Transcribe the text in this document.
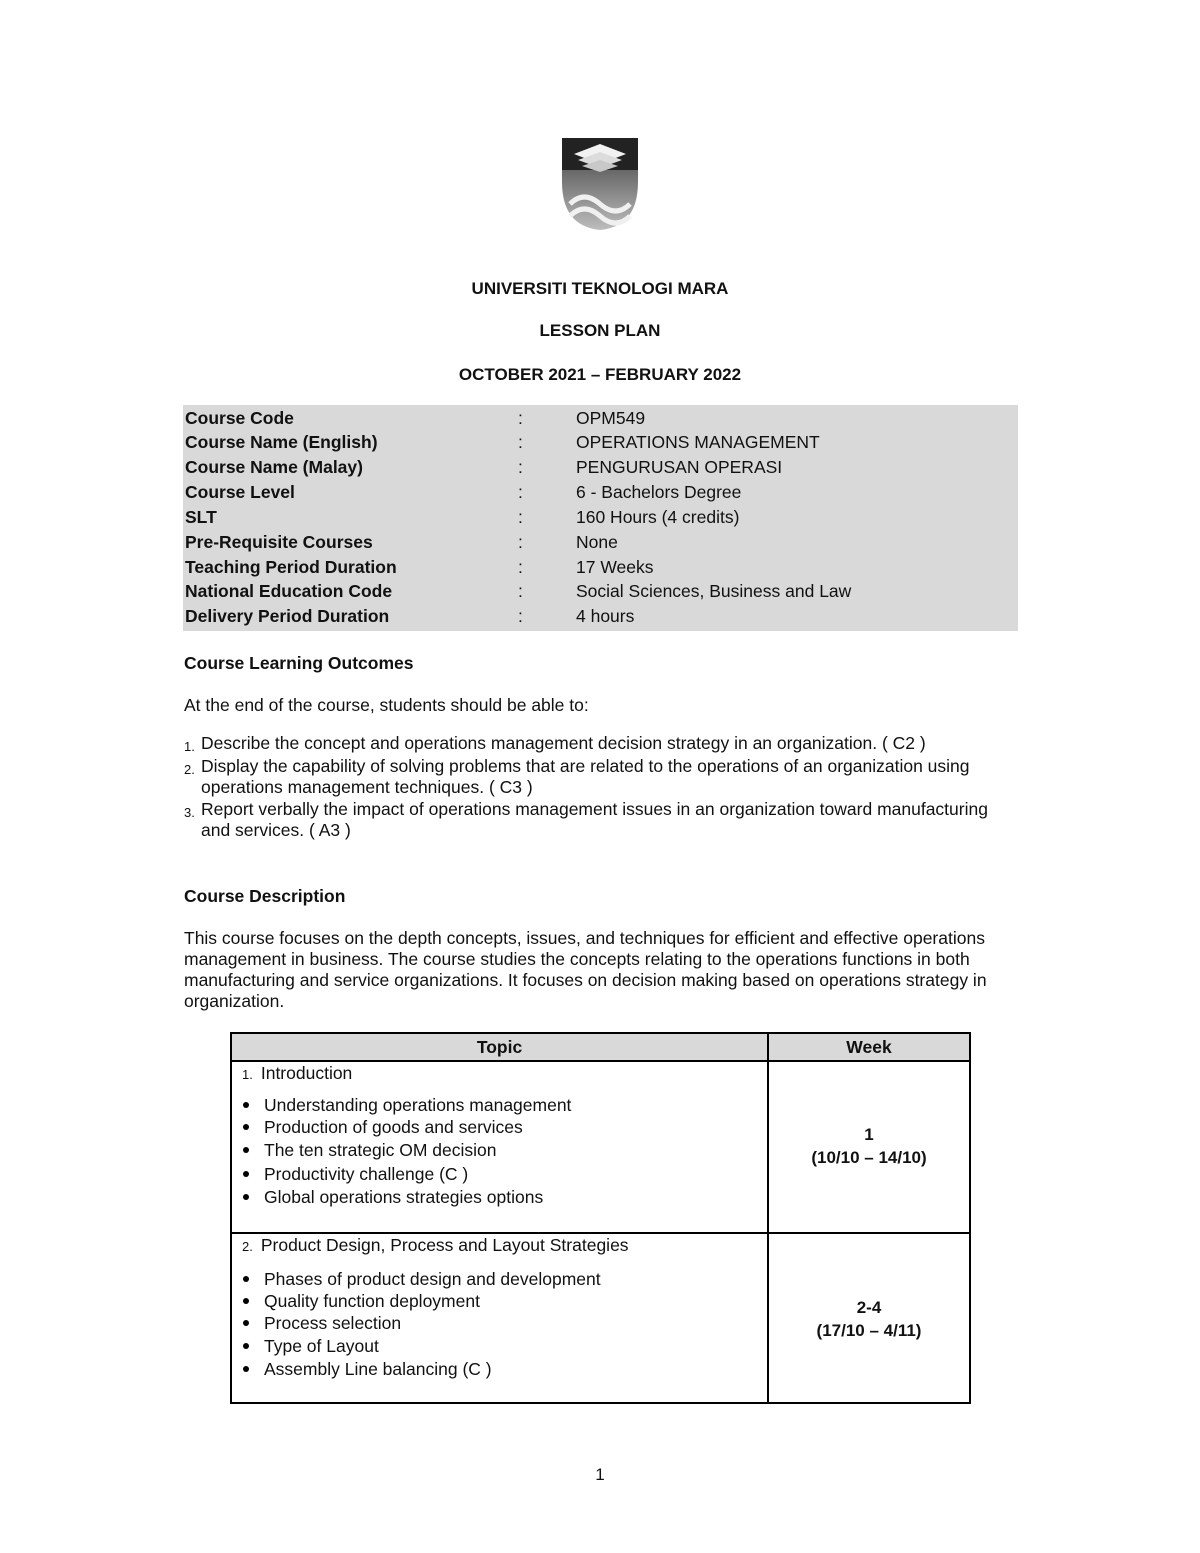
UNIVERSITI TEKNOLOGI MARA
LESSON PLAN
OCTOBER 2021 – FEBRUARY 2022
Course Code	:	OPM549
Course Name (English)	:	OPERATIONS MANAGEMENT
Course Name (Malay)	:	PENGURUSAN OPERASI
Course Level	:	6 - Bachelors Degree
SLT	:	160 Hours (4 credits)
Pre-Requisite Courses	:	None
Teaching Period Duration	:	17 Weeks
National Education Code	:	Social Sciences, Business and Law
Delivery Period Duration	:	4 hours
Course Learning Outcomes
At the end of the course, students should be able to:
1. Describe the concept and operations management decision strategy in an organization. ( C2 )
2. Display the capability of solving problems that are related to the operations of an organization using operations management techniques. ( C3 )
3. Report verbally the impact of operations management issues in an organization toward manufacturing and services. ( A3 )
Course Description
This course focuses on the depth concepts, issues, and techniques for efficient and effective operations management in business. The course studies the concepts relating to the operations functions in both manufacturing and service organizations. It focuses on decision making based on operations strategy in organization.
Topic	Week
1. Introduction
Understanding operations management
Production of goods and services
The ten strategic OM decision
Productivity challenge (C )
Global operations strategies options
1
(10/10 – 14/10)
2. Product Design, Process and Layout Strategies
Phases of product design and development
Quality function deployment
Process selection
Type of Layout
Assembly Line balancing (C )
2-4
(17/10 – 4/11)
1
